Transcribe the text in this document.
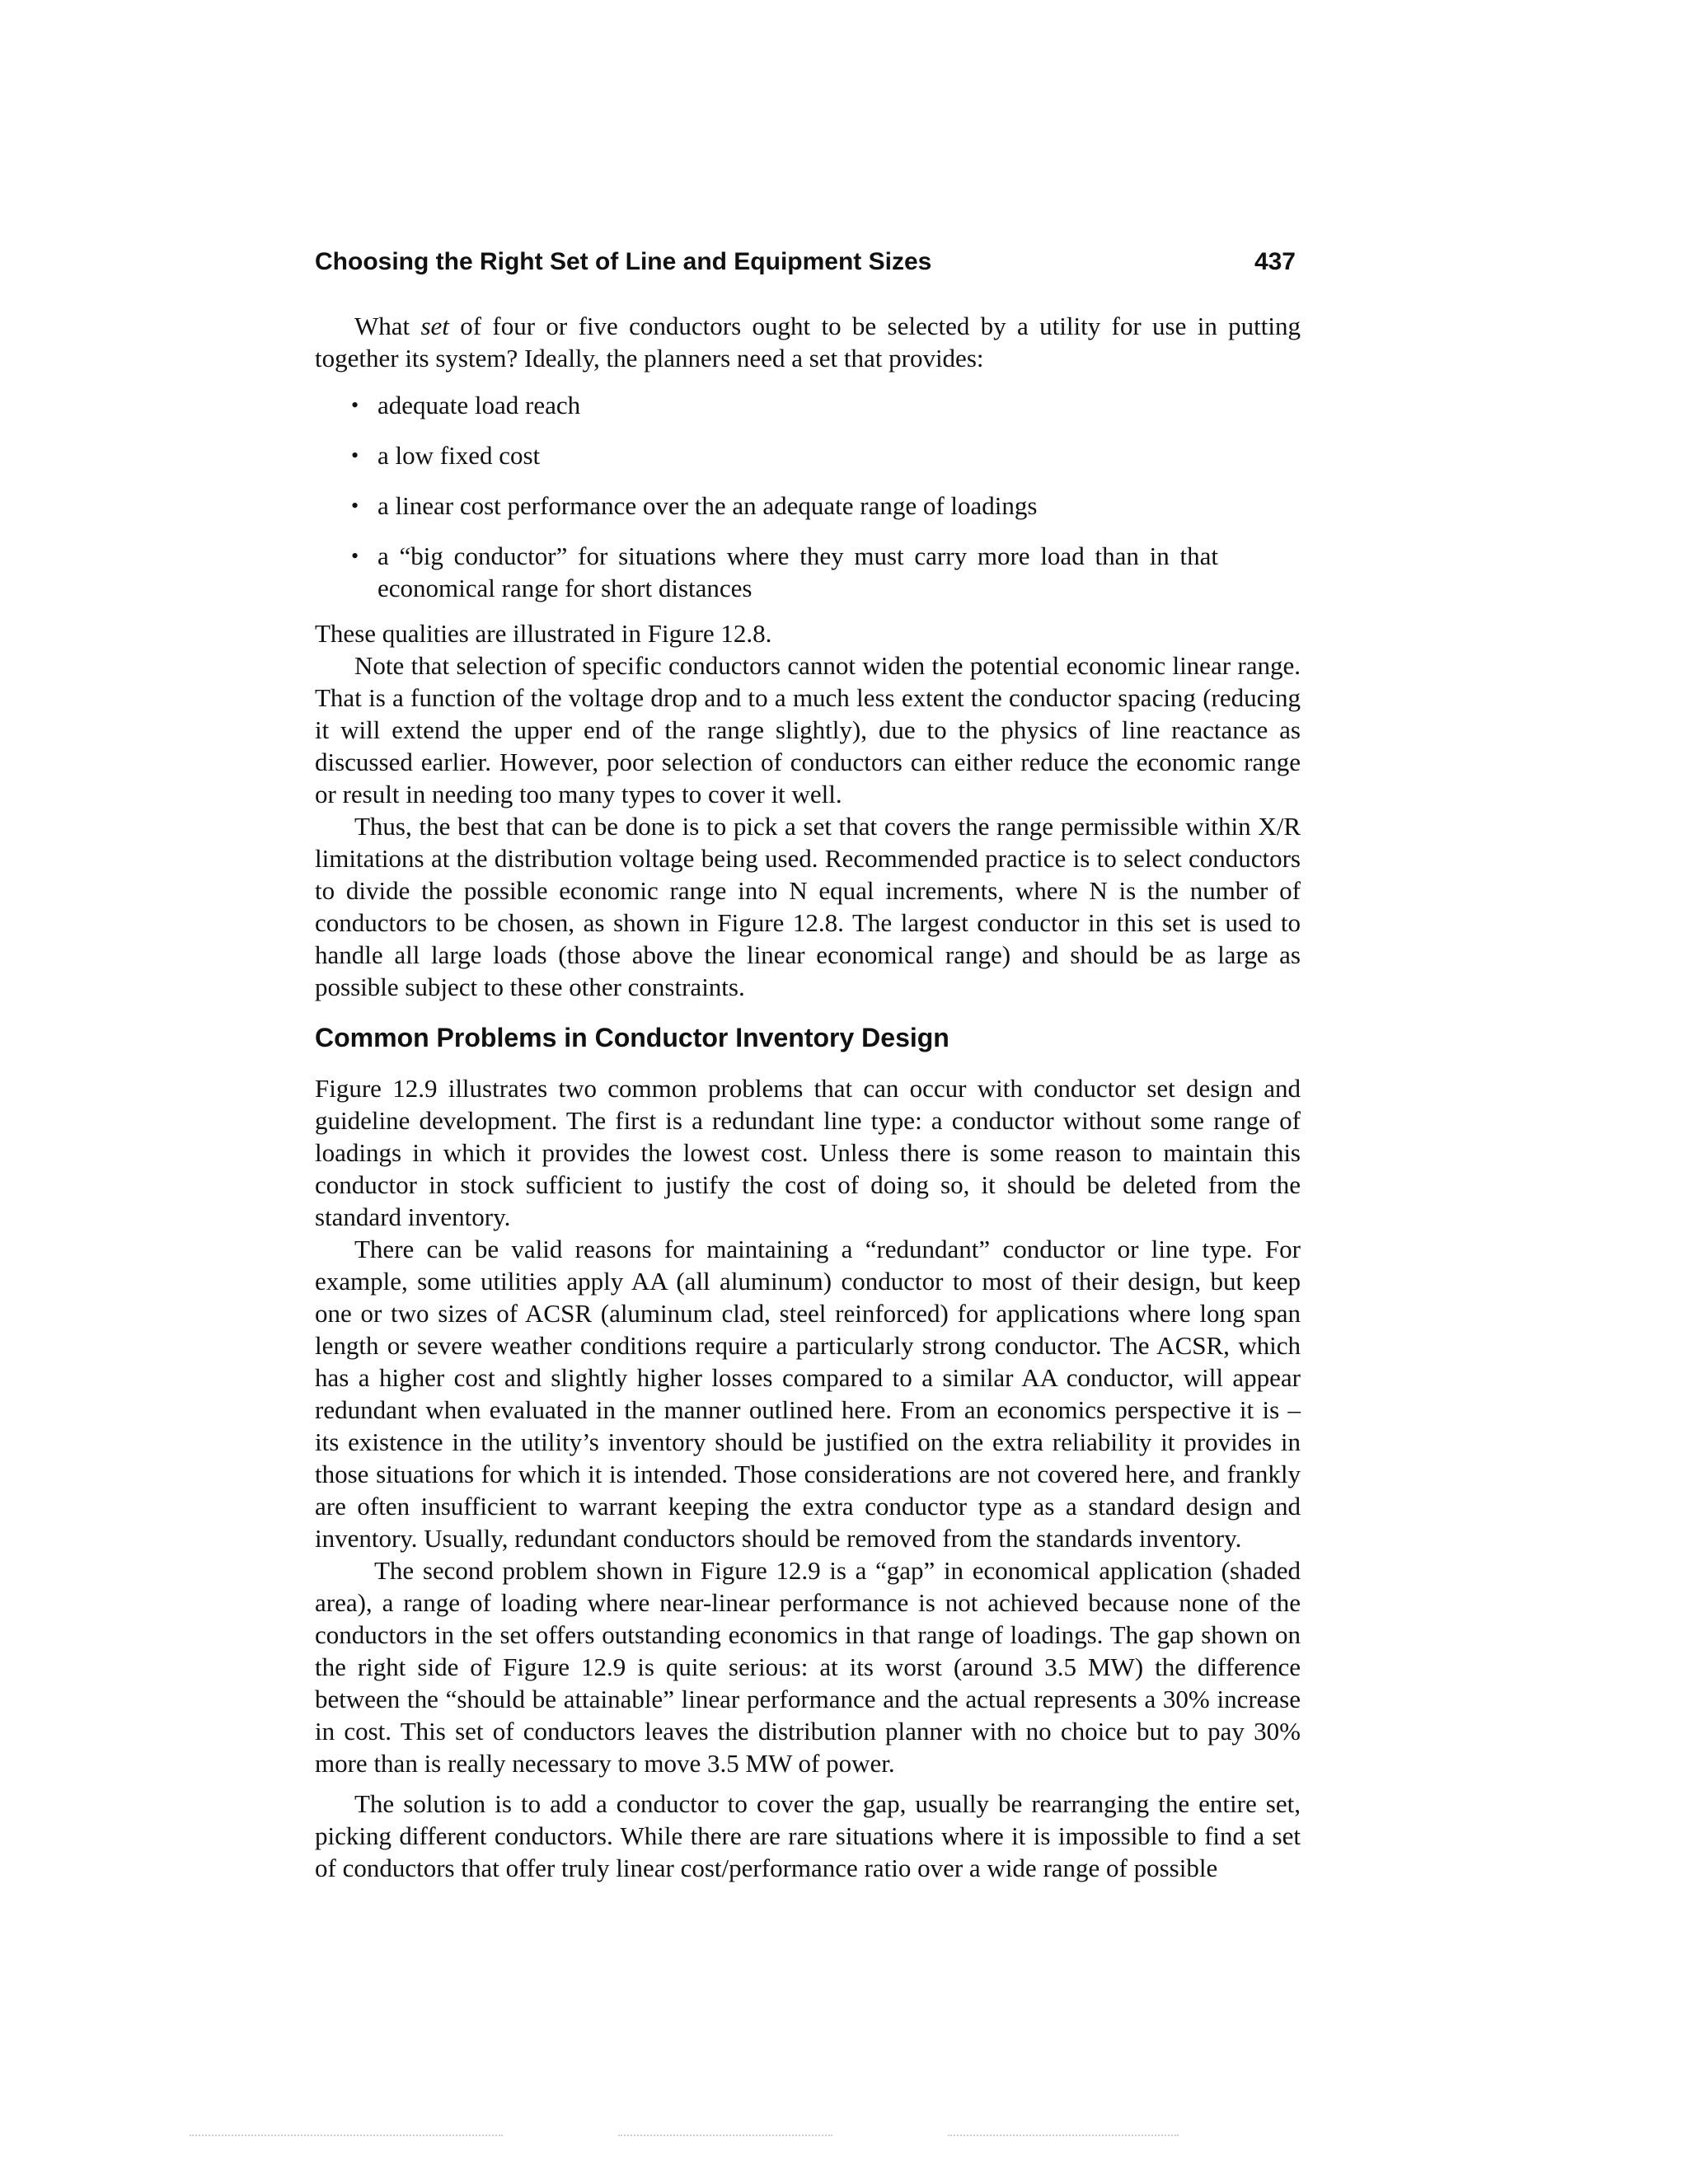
Choosing the Right Set of Line and Equipment Sizes	437

What set of four or five conductors ought to be selected by a utility for use in putting together its system? Ideally, the planners need a set that provides:

• adequate load reach
• a low fixed cost
• a linear cost performance over the an adequate range of loadings
• a “big conductor” for situations where they must carry more load than in that economical range for short distances

These qualities are illustrated in Figure 12.8.

Note that selection of specific conductors cannot widen the potential economic linear range. That is a function of the voltage drop and to a much less extent the conductor spacing (reducing it will extend the upper end of the range slightly), due to the physics of line reactance as discussed earlier. However, poor selection of conductors can either reduce the economic range or result in needing too many types to cover it well.

Thus, the best that can be done is to pick a set that covers the range permissible within X/R limitations at the distribution voltage being used. Recommended practice is to select conductors to divide the possible economic range into N equal increments, where N is the number of conductors to be chosen, as shown in Figure 12.8. The largest conductor in this set is used to handle all large loads (those above the linear economical range) and should be as large as possible subject to these other constraints.

Common Problems in Conductor Inventory Design

Figure 12.9 illustrates two common problems that can occur with conductor set design and guideline development. The first is a redundant line type: a conductor without some range of loadings in which it provides the lowest cost. Unless there is some reason to maintain this conductor in stock sufficient to justify the cost of doing so, it should be deleted from the standard inventory.

There can be valid reasons for maintaining a “redundant” conductor or line type. For example, some utilities apply AA (all aluminum) conductor to most of their design, but keep one or two sizes of ACSR (aluminum clad, steel reinforced) for applications where long span length or severe weather conditions require a particularly strong conductor. The ACSR, which has a higher cost and slightly higher losses compared to a similar AA conductor, will appear redundant when evaluated in the manner outlined here. From an economics perspective it is – its existence in the utility’s inventory should be justified on the extra reliability it provides in those situations for which it is intended. Those considerations are not covered here, and frankly are often insufficient to warrant keeping the extra conductor type as a standard design and inventory. Usually, redundant conductors should be removed from the standards inventory.

The second problem shown in Figure 12.9 is a “gap” in economical application (shaded area), a range of loading where near-linear performance is not achieved because none of the conductors in the set offers outstanding economics in that range of loadings. The gap shown on the right side of Figure 12.9 is quite serious: at its worst (around 3.5 MW) the difference between the “should be attainable” linear performance and the actual represents a 30% increase in cost. This set of conductors leaves the distribution planner with no choice but to pay 30% more than is really necessary to move 3.5 MW of power.

The solution is to add a conductor to cover the gap, usually be rearranging the entire set, picking different conductors. While there are rare situations where it is impossible to find a set of conductors that offer truly linear cost/performance ratio over a wide range of possible
